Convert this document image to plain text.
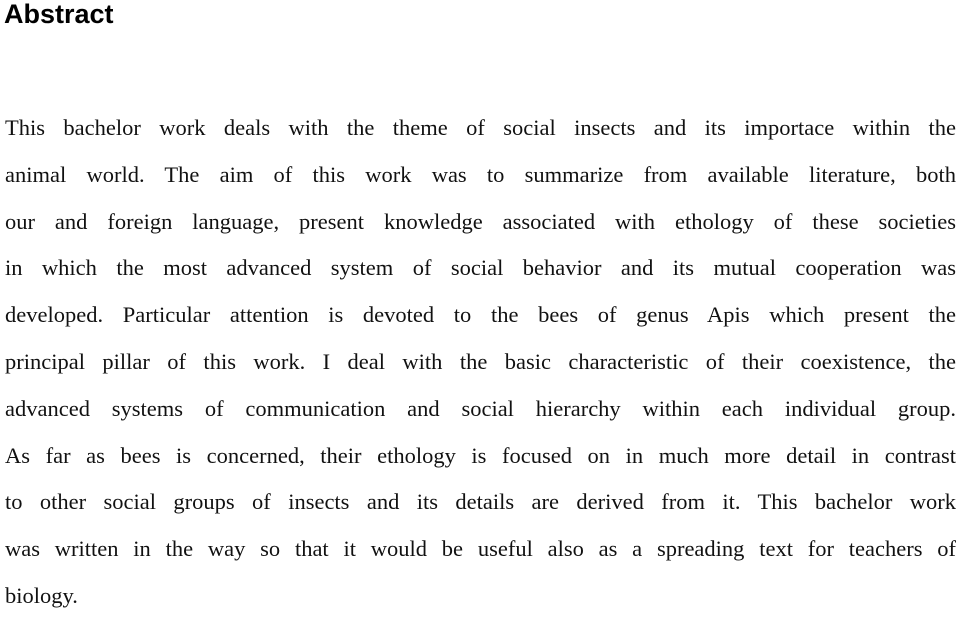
Abstract
This bachelor work deals with the theme of social insects and its importace within the
animal world. The aim of this work was to summarize from available literature, both
our and foreign language, present knowledge associated with ethology of these societies
in which the most advanced system of social behavior and its mutual cooperation was
developed. Particular attention is devoted to the bees of genus Apis which present the
principal pillar of this work. I deal with the basic characteristic of their coexistence, the
advanced systems of communication and social hierarchy within each individual group.
As far as bees is concerned, their ethology is focused on in much more detail in contrast
to other social groups of insects and its details are derived from it. This bachelor work
was written in the way so that it would be useful also as a spreading text for teachers of
biology.
